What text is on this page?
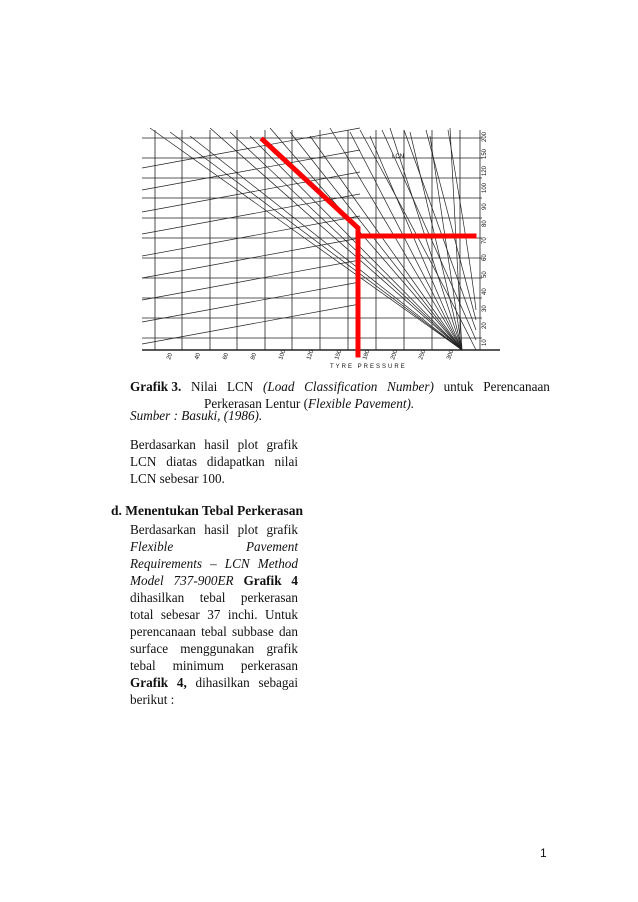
20	40	60	80	100	120	150	180	200	250	300
10
20
30
40
50
60
70
80
90
100
120
150
200
TYRE PRESSURE
LCN
Grafik 3. Nilai LCN (Load Classification Number) untuk Perencanaan
Perkerasan Lentur (Flexible Pavement).
Sumber : Basuki, (1986).
Berdasarkan hasil plot grafik LCN diatas didapatkan nilai LCN sebesar 100.
d. Menentukan Tebal Perkerasan
Berdasarkan hasil plot grafik Flexible Pavement Requirements – LCN Method Model 737-900ER Grafik 4 dihasilkan tebal perkerasan total sebesar 37 inchi. Untuk perencanaan tebal subbase dan surface menggunakan grafik tebal minimum perkerasan Grafik 4, dihasilkan sebagai berikut :
1
